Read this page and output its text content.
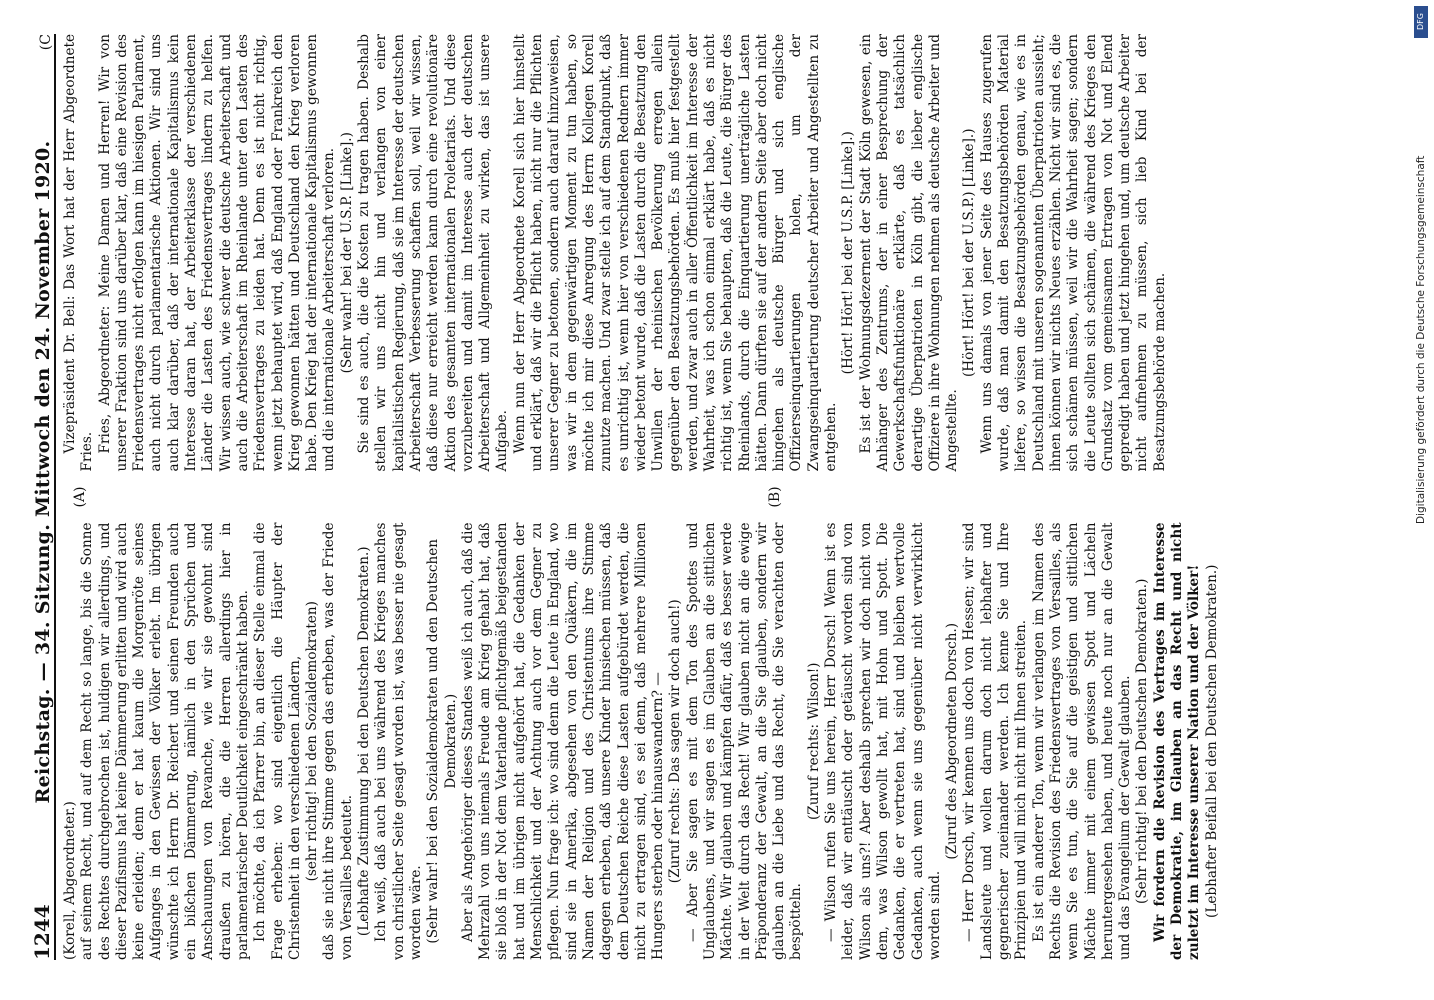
1244
Reichstag. — 34. Sitzung. Mittwoch den 24. November 1920.
(C

(Korell, Abgeordneter.) auf seinem Recht, und auf dem Recht so lange, bis die Sonne des Rechtes durchgebrochen ist, huldigen wir allerdings, und dieser Pazifismus hat keine Dämmerung erlitten und wird auch keine erleiden; denn er hat kaum die Morgenröte seines Aufganges in den Gewissen der Völker erlebt. Im übrigen wünschte ich Herrn Dr. Reichert und seinen Freunden auch ein bißchen Dämmerung, nämlich in den Sprüchen und Anschauungen von Revanche, wie wir sie gewohnt sind draußen zu hören, die die Herren allerdings hier in parlamentarischer Deutlichkeit eingeschränkt haben. Ich möchte, da ich Pfarrer bin, an dieser Stelle einmal die Frage erheben: wo sind eigentlich die Häupter der Christenheit in den verschiedenen Ländern, (sehr richtig! bei den Sozialdemokraten) daß sie nicht ihre Stimme gegen das erheben, was der Friede von Versailles bedeutet. (Lebhafte Zustimmung bei den Deutschen Demokraten.) Ich weiß, daß auch bei uns während des Krieges manches von christlicher Seite gesagt worden ist, was besser nie gesagt worden wäre. (Sehr wahr! bei den Sozialdemokraten und den Deutschen Demokraten.) Aber als Angehöriger dieses Standes weiß ich auch, daß die Mehrzahl von uns niemals Freude am Krieg gehabt hat, daß sie bloß in der Not dem Vaterlande pflichtgemäß beigestanden hat und im übrigen nicht aufgehört hat, die Gedanken der Menschlichkeit und der Achtung auch vor dem Gegner zu pflegen. Nun frage ich: wo sind denn die Leute in England, wo sind sie in Amerika, abgesehen von den Quäkern, die im Namen der Religion und des Christentums ihre Stimme dagegen erheben, daß unsere Kinder hinsiechen müssen, daß dem Deutschen Reiche diese Lasten aufgebürdet werden, die nicht zu ertragen sind, es sei denn, daß mehrere Millionen Hungers sterben oder hinauswandern? — (Zuruf rechts: Das sagen wir doch auch!) — Aber Sie sagen es mit dem Ton des Spottes und Unglaubens, und wir sagen es im Glauben an die sittlichen Mächte. Wir glauben und kämpfen dafür, daß es besser werde in der Welt durch das Recht! Wir glauben nicht an die ewige Präponderanz der Gewalt, an die Sie glauben, sondern wir glauben an die Liebe und das Recht, die Sie verachten oder bespötteln.

(Zuruf rechts: Wilson!) — Wilson rufen Sie uns herein, Herr Dorsch! Wenn ist es leider, daß wir enttäuscht oder getäuscht worden sind von Wilson als uns?! Aber deshalb sprechen wir doch nicht von dem, was Wilson gewollt hat, mit Hohn und Spott. Die Gedanken, die er vertreten hat, sind und bleiben wertvolle Gedanken, auch wenn sie uns gegenüber nicht verwirklicht worden sind.

(Zuruf des Abgeordneten Dorsch.) — Herr Dorsch, wir kennen uns doch von Hessen; wir sind Landsleute und wollen darum doch nicht lebhafter und gegnerischer zueinander werden. Ich kenne Sie und Ihre Prinzipien und will mich nicht mit Ihnen streiten. Es ist ein anderer Ton, wenn wir verlangen im Namen des Rechts die Revision des Friedensvertrages von Versailles, als wenn Sie es tun, die Sie auf die geistigen und sittlichen Mächte immer mit einem gewissen Spott und Lächeln heruntergesehen haben, und heute noch nur an die Gewalt und das Evangelium der Gewalt glauben. (Sehr richtig! bei den Deutschen Demokraten.) Wir fordern die Revision des Vertrages im Interesse der Demokratie, im Glauben an das Recht und nicht zuletzt im Interesse unserer Nation und der Völker! (Lebhafter Beifall bei den Deutschen Demokraten.)

(A)	(B)

Vizepräsident Dr. Bell: Das Wort hat der Herr Abgeordnete Fries. Fries, Abgeordneter: Meine Damen und Herren! Wir von unserer Fraktion sind uns darüber klar, daß eine Revision des Friedensvertrages nicht erfolgen kann im hiesigen Parlament, auch nicht durch parlamentarische Aktionen. Wir sind uns auch klar darüber, daß der internationale Kapitalismus kein Interesse daran hat, der Arbeiterklasse der verschiedenen Länder die Lasten des Friedensvertrages lindern zu helfen. Wir wissen auch, wie schwer die deutsche Arbeiterschaft und auch die Arbeiterschaft im Rheinlande unter den Lasten des Friedensvertrages zu leiden hat. Denn es ist nicht richtig, wenn jetzt behauptet wird, daß England oder Frankreich den Krieg gewonnen hätten und Deutschland den Krieg verloren habe. Den Krieg hat der internationale Kapitalismus gewonnen und die internationale Arbeiterschaft verloren. (Sehr wahr! bei der U.S.P. [Linke].) Sie sind es auch, die die Kosten zu tragen haben. Deshalb stellen wir uns nicht hin und verlangen von einer kapitalistischen Regierung, daß sie im Interesse der deutschen Arbeiterschaft Verbesserung schaffen soll, weil wir wissen, daß diese nur erreicht werden kann durch eine revolutionäre Aktion des gesamten internationalen Proletariats. Und diese vorzubereiten und damit im Interesse auch der deutschen Arbeiterschaft und Allgemeinheit zu wirken, das ist unsere Aufgabe. Wenn nun der Herr Abgeordnete Korell sich hier hinstellt und erklärt, daß wir die Pflicht haben, nicht nur die Pflichten unserer Gegner zu betonen, sondern auch darauf hinzuweisen, was wir in dem gegenwärtigen Moment zu tun haben, so möchte ich mir diese Anregung des Herrn Kollegen Korell zunutze machen. Und zwar stelle ich auf dem Standpunkt, daß es unrichtig ist, wenn hier von verschiedenen Rednern immer wieder betont wurde, daß die Lasten durch die Besatzung den Unwillen der rheinischen Bevölkerung erregen allein gegenüber den Besatzungsbehörden. Es muß hier festgestellt werden, und zwar auch in aller Öffentlichkeit im Interesse der Wahrheit, was ich schon einmal erklärt habe, daß es nicht richtig ist, wenn Sie behaupten, daß die Leute, die Bürger des Rheinlands, durch die Einquartierung unerträgliche Lasten hätten. Dann dürften sie auf der andern Seite aber doch nicht hingehen als deutsche Bürger und sich englische Offizierseinquartierungen holen, um der Zwangseinquartierung deutscher Arbeiter und Angestellten zu entgehen.

(Hört! Hört! bei der U.S.P. [Linke].) Es ist der Wohnungsdezernent der Stadt Köln gewesen, ein Anhänger des Zentrums, der in einer Besprechung der Gewerkschaftsfunktionäre erklärte, daß es tatsächlich derartige Überpatrioten in Köln gibt, die lieber englische Offiziere in ihre Wohnungen nehmen als deutsche Arbeiter und Angestellte.

(Hört! Hört! bei der U.S.P.) [Linke].) Wenn uns damals von jener Seite des Hauses zugerufen wurde, daß man damit den Besatzungsbehörden Material liefere, so wissen die Besatzungsbehörden genau, wie es in Deutschland mit unseren sogenannten Überpatrioten aussieht; ihnen können wir nichts Neues erzählen. Nicht wir sind es, die sich schämen müssen, weil wir die Wahrheit sagen; sondern die Leute sollten sich schämen, die während des Krieges den Grundsatz vom gemeinsamen Ertragen von Not und Elend gepredigt haben und jetzt hingehen und, um deutsche Arbeiter nicht aufnehmen zu müssen, sich lieb Kind bei der Besatzungsbehörde machen.

DFG
Digitalisierung gefördert durch die Deutsche Forschungsgemeinschaft
